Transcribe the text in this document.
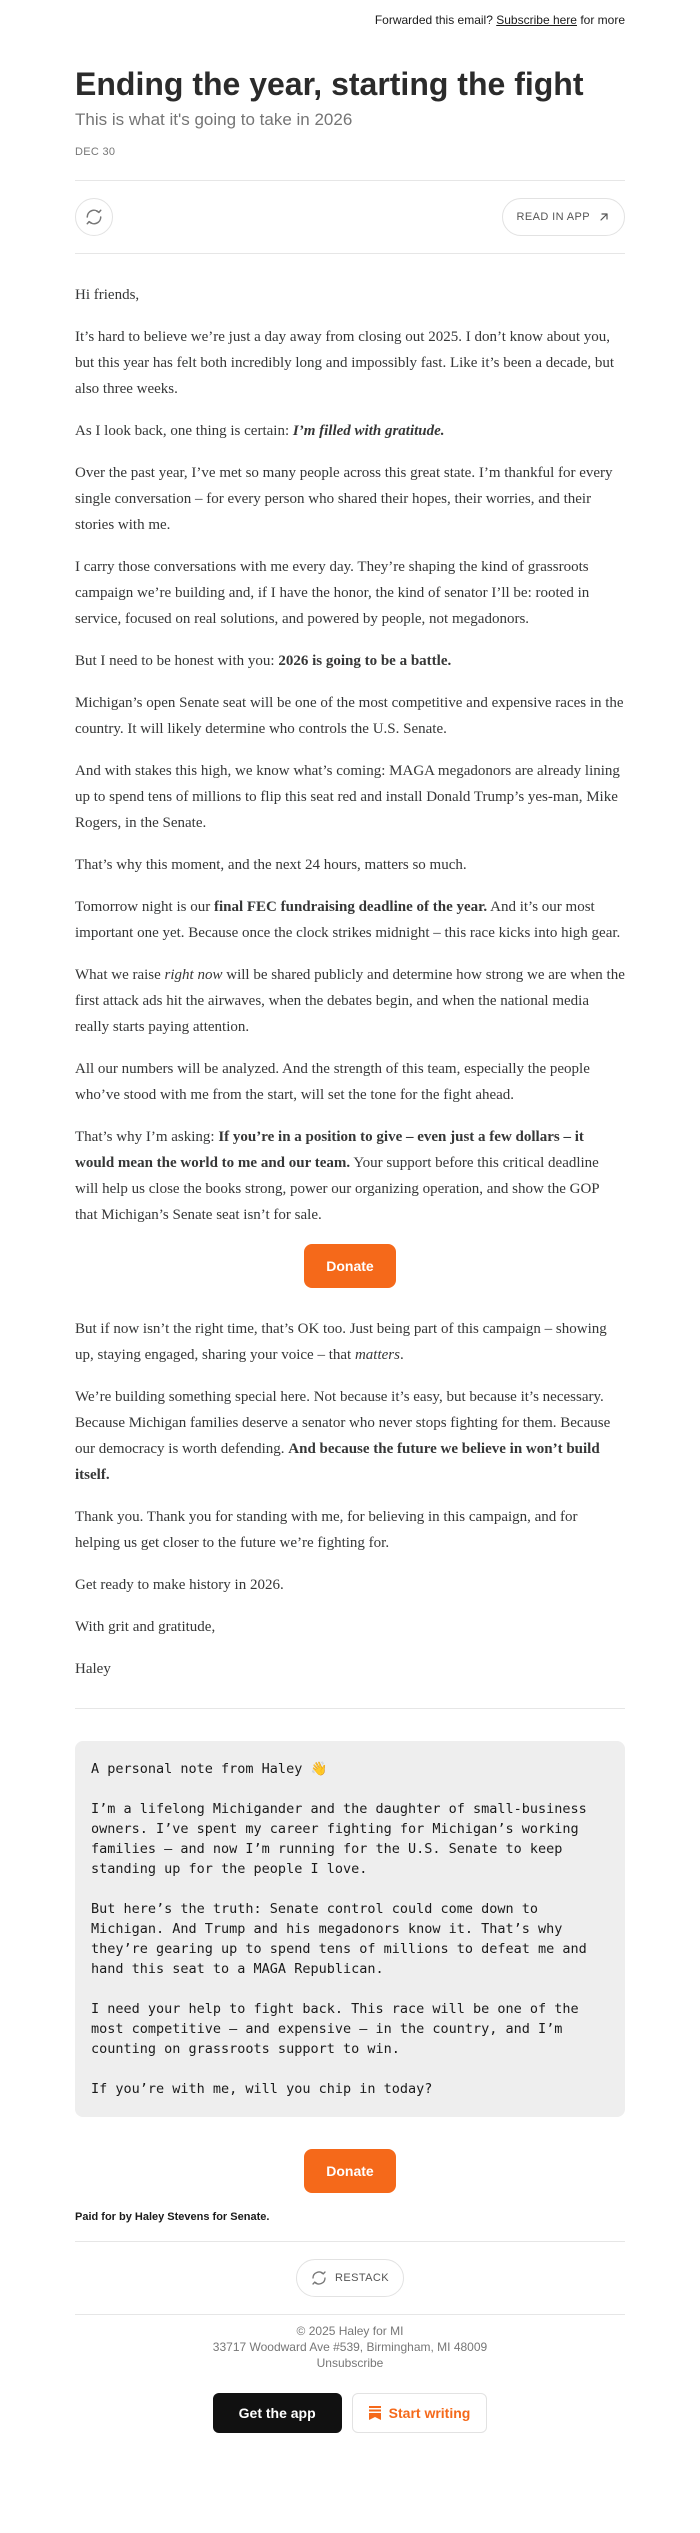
Forwarded this email? Subscribe here for more
Ending the year, starting the fight
This is what it's going to take in 2026
DEC 30
READ IN APP

Hi friends,

It’s hard to believe we’re just a day away from closing out 2025. I don’t know about you, but this year has felt both incredibly long and impossibly fast. Like it’s been a decade, but also three weeks.

As I look back, one thing is certain: I’m filled with gratitude.

Over the past year, I’ve met so many people across this great state. I’m thankful for every single conversation – for every person who shared their hopes, their worries, and their stories with me.

I carry those conversations with me every day. They’re shaping the kind of grassroots campaign we’re building and, if I have the honor, the kind of senator I’ll be: rooted in service, focused on real solutions, and powered by people, not megadonors.

But I need to be honest with you: 2026 is going to be a battle.

Michigan’s open Senate seat will be one of the most competitive and expensive races in the country. It will likely determine who controls the U.S. Senate.

And with stakes this high, we know what’s coming: MAGA megadonors are already lining up to spend tens of millions to flip this seat red and install Donald Trump’s yes-man, Mike Rogers, in the Senate.

That’s why this moment, and the next 24 hours, matters so much.

Tomorrow night is our final FEC fundraising deadline of the year. And it’s our most important one yet. Because once the clock strikes midnight – this race kicks into high gear.

What we raise right now will be shared publicly and determine how strong we are when the first attack ads hit the airwaves, when the debates begin, and when the national media really starts paying attention.

All our numbers will be analyzed. And the strength of this team, especially the people who’ve stood with me from the start, will set the tone for the fight ahead.

That’s why I’m asking: If you’re in a position to give – even just a few dollars – it would mean the world to me and our team. Your support before this critical deadline will help us close the books strong, power our organizing operation, and show the GOP that Michigan’s Senate seat isn’t for sale.

Donate

But if now isn’t the right time, that’s OK too. Just being part of this campaign – showing up, staying engaged, sharing your voice – that matters.

We’re building something special here. Not because it’s easy, but because it’s necessary. Because Michigan families deserve a senator who never stops fighting for them. Because our democracy is worth defending. And because the future we believe in won’t build itself.

Thank you. Thank you for standing with me, for believing in this campaign, and for helping us get closer to the future we’re fighting for.

Get ready to make history in 2026.

With grit and gratitude,

Haley

A personal note from Haley 👋

I’m a lifelong Michigander and the daughter of small-business owners. I’ve spent my career fighting for Michigan’s working families – and now I’m running for the U.S. Senate to keep standing up for the people I love.

But here’s the truth: Senate control could come down to Michigan. And Trump and his megadonors know it. That’s why they’re gearing up to spend tens of millions to defeat me and hand this seat to a MAGA Republican.

I need your help to fight back. This race will be one of the most competitive – and expensive – in the country, and I’m counting on grassroots support to win.

If you’re with me, will you chip in today?

Donate
Paid for by Haley Stevens for Senate.
RESTACK
© 2025 Haley for MI
33717 Woodward Ave #539, Birmingham, MI 48009
Unsubscribe
Get the app	Start writing
